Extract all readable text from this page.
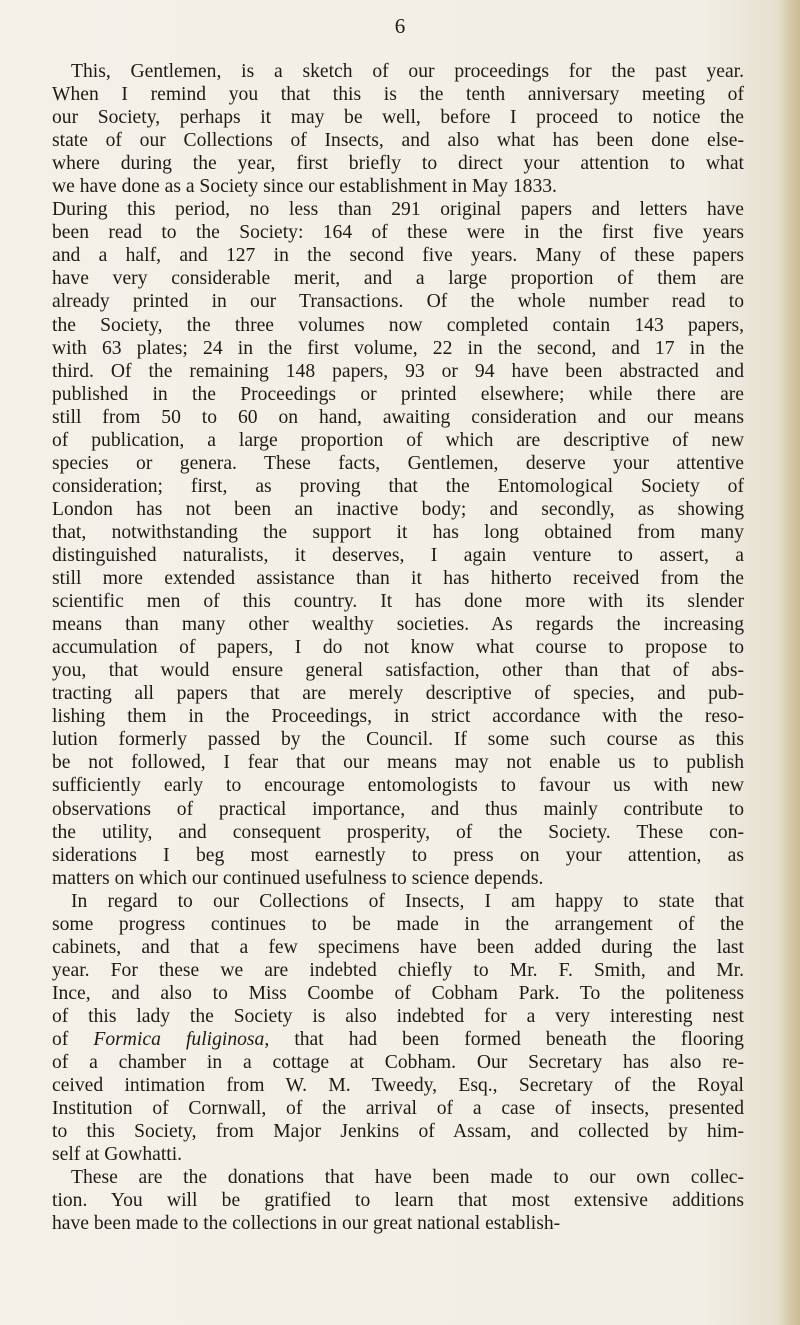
6
This, Gentlemen, is a sketch of our proceedings for the past year.
When I remind you that this is the tenth anniversary meeting of
our Society, perhaps it may be well, before I proceed to notice the
state of our Collections of Insects, and also what has been done else-
where during the year, first briefly to direct your attention to what
we have done as a Society since our establishment in May 1833.
During this period, no less than 291 original papers and letters have
been read to the Society: 164 of these were in the first five years
and a half, and 127 in the second five years. Many of these papers
have very considerable merit, and a large proportion of them are
already printed in our Transactions. Of the whole number read to
the Society, the three volumes now completed contain 143 papers,
with 63 plates; 24 in the first volume, 22 in the second, and 17 in the
third. Of the remaining 148 papers, 93 or 94 have been abstracted and
published in the Proceedings or printed elsewhere; while there are
still from 50 to 60 on hand, awaiting consideration and our means
of publication, a large proportion of which are descriptive of new
species or genera. These facts, Gentlemen, deserve your attentive
consideration; first, as proving that the Entomological Society of
London has not been an inactive body; and secondly, as showing
that, notwithstanding the support it has long obtained from many
distinguished naturalists, it deserves, I again venture to assert, a
still more extended assistance than it has hitherto received from the
scientific men of this country. It has done more with its slender
means than many other wealthy societies. As regards the increasing
accumulation of papers, I do not know what course to propose to
you, that would ensure general satisfaction, other than that of abs-
tracting all papers that are merely descriptive of species, and pub-
lishing them in the Proceedings, in strict accordance with the reso-
lution formerly passed by the Council. If some such course as this
be not followed, I fear that our means may not enable us to publish
sufficiently early to encourage entomologists to favour us with new
observations of practical importance, and thus mainly contribute to
the utility, and consequent prosperity, of the Society. These con-
siderations I beg most earnestly to press on your attention, as
matters on which our continued usefulness to science depends.
In regard to our Collections of Insects, I am happy to state that
some progress continues to be made in the arrangement of the
cabinets, and that a few specimens have been added during the last
year. For these we are indebted chiefly to Mr. F. Smith, and Mr.
Ince, and also to Miss Coombe of Cobham Park. To the politeness
of this lady the Society is also indebted for a very interesting nest
of Formica fuliginosa, that had been formed beneath the flooring
of a chamber in a cottage at Cobham. Our Secretary has also re-
ceived intimation from W. M. Tweedy, Esq., Secretary of the Royal
Institution of Cornwall, of the arrival of a case of insects, presented
to this Society, from Major Jenkins of Assam, and collected by him-
self at Gowhatti.
These are the donations that have been made to our own collec-
tion. You will be gratified to learn that most extensive additions
have been made to the collections in our great national establish-
